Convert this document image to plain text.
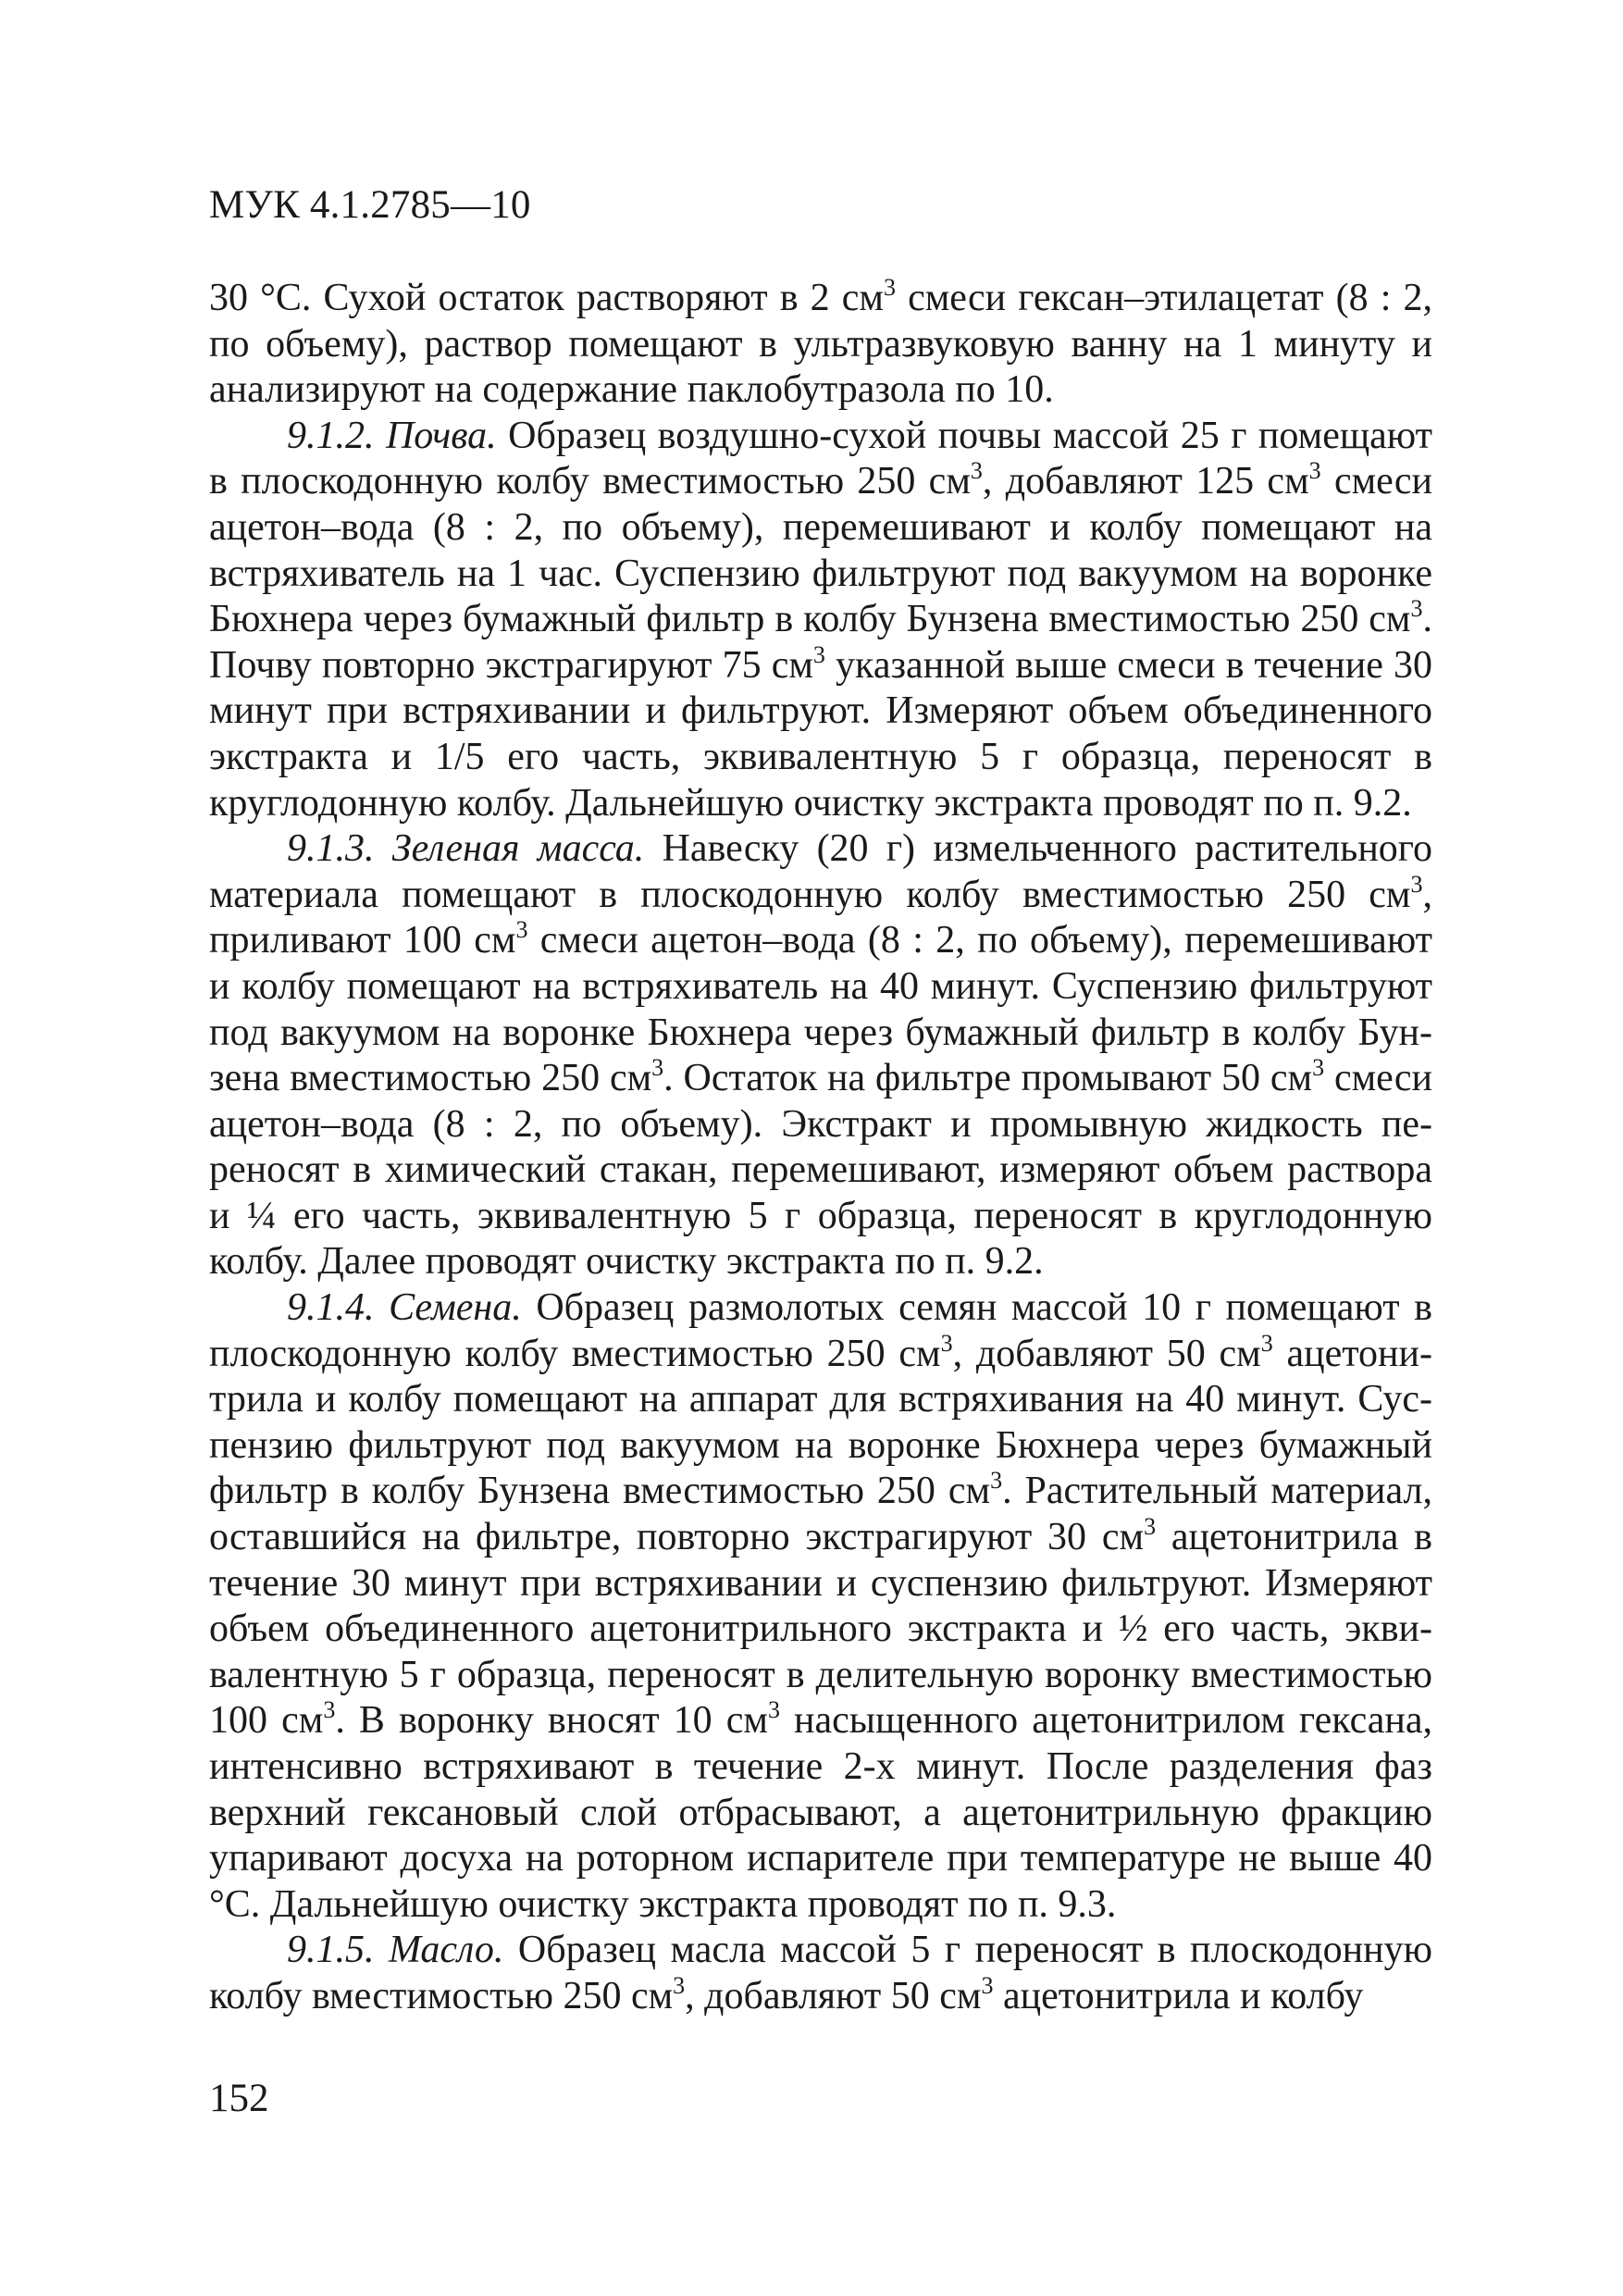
МУК 4.1.2785—10

30 °С. Сухой остаток растворяют в 2 $см^3$ смеси гексан–этилацетат (8 : 2, по объему), раствор помещают в ультразвуковую ванну на 1 минуту и анализируют на содержание паклобутразола по 10.

9.1.2. Почва. Образец воздушно-сухой почвы массой 25 г помещают в плоскодонную колбу вместимостью 250 $см^3$, добавляют 125 $см^3$ смеси ацетон–вода (8 : 2, по объему), перемешивают и колбу помещают на встряхиватель на 1 час. Суспензию фильтруют под вакуумом на воронке Бюхнера через бумажный фильтр в колбу Бунзена вместимостью 250 $см^3$. Почву повторно экстрагируют 75 $см^3$ указанной выше смеси в течение 30 минут при встряхивании и фильтруют. Измеряют объем объединенного экстракта и 1/5 его часть, эквивалентную 5 г образца, переносят в круглодонную колбу. Дальнейшую очистку экстракта проводят по п. 9.2.

9.1.3. Зеленая масса. Навеску (20 г) измельченного растительного материала помещают в плоскодонную колбу вместимостью 250 $см^3$, приливают 100 $см^3$ смеси ацетон–вода (8 : 2, по объему), перемешивают и колбу помещают на встряхиватель на 40 минут. Суспензию фильтруют под вакуумом на воронке Бюхнера через бумажный фильтр в колбу Бунзена вместимостью 250 $см^3$. Остаток на фильтре промывают 50 $см^3$ смеси ацетон–вода (8 : 2, по объему). Экстракт и промывную жидкость переносят в химический стакан, перемешивают, измеряют объем раствора и ¼ его часть, эквивалентную 5 г образца, переносят в круглодонную колбу. Далее проводят очистку экстракта по п. 9.2.

9.1.4. Семена. Образец размолотых семян массой 10 г помещают в плоскодонную колбу вместимостью 250 $см^3$, добавляют 50 $см^3$ ацетонитрила и колбу помещают на аппарат для встряхивания на 40 минут. Суспензию фильтруют под вакуумом на воронке Бюхнера через бумажный фильтр в колбу Бунзена вместимостью 250 $см^3$. Растительный материал, оставшийся на фильтре, повторно экстрагируют 30 $см^3$ ацетонитрила в течение 30 минут при встряхивании и суспензию фильтруют. Измеряют объем объединенного ацетонитрильного экстракта и ½ его часть, эквивалентную 5 г образца, переносят в делительную воронку вместимостью 100 $см^3$. В воронку вносят 10 $см^3$ насыщенного ацетонитрилом гексана, интенсивно встряхивают в течение 2-х минут. После разделения фаз верхний гексановый слой отбрасывают, а ацетонитрильную фракцию упаривают досуха на роторном испарителе при температуре не выше 40 °С. Дальнейшую очистку экстракта проводят по п. 9.3.

9.1.5. Масло. Образец масла массой 5 г переносят в плоскодонную колбу вместимостью 250 $см^3$, добавляют 50 $см^3$ ацетонитрила и колбу

152
